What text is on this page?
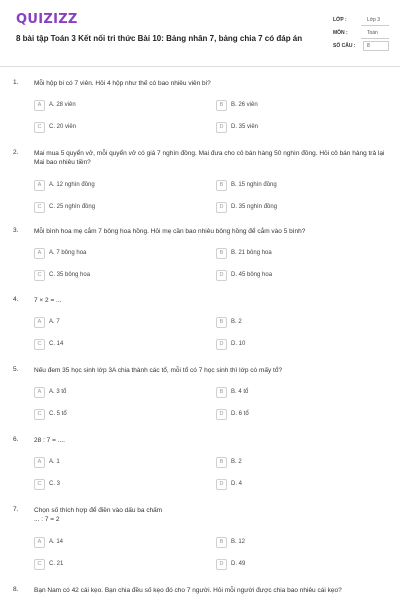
QUIZIZZ
8 bài tập Toán 3 Kết nối tri thức Bài 10: Bảng nhân 7, bảng chia 7 có đáp án
LỚP :	Lớp 3
MÔN :	Toán
SỐ CÂU : 8
1. Mỗi hộp bi có 7 viên. Hỏi 4 hộp như thế có bao nhiêu viên bi?
A	A. 28 viên	B	B. 26 viên
C	C. 20 viên	D	D. 35 viên
2. Mai mua 5 quyển vở, mỗi quyển vở có giá 7 nghìn đồng. Mai đưa cho cô bán hàng 50 nghìn đồng. Hỏi cô bán hàng trả lại Mai bao nhiêu tiền?
A	A. 12 nghìn đồng	B	B. 15 nghìn đồng
C	C. 25 nghìn đồng	D	D. 35 nghìn đồng
3. Mỗi bình hoa mẹ cắm 7 bông hoa hồng. Hỏi mẹ cần bao nhiêu bông hồng để cắm vào 5 bình?
A	A. 7 bông hoa	B	B. 21 bông hoa
C	C. 35 bông hoa	D	D. 45 bông hoa
4. 7 × 2 = ...
A	A. 7	B	B. 2
C	C. 14	D	D. 10
5. Nếu đem 35 học sinh lớp 3A chia thành các tổ, mỗi tổ có 7 học sinh thì lớp có mấy tổ?
A	A. 3 tổ	B	B. 4 tổ
C	C. 5 tổ	D	D. 6 tổ
6. 28 : 7 = ....
A	A. 1	B	B. 2
C	C. 3	D	D. 4
7. Chọn số thích hợp để điền vào dấu ba chấm
... : 7 = 2
A	A. 14	B	B. 12
C	C. 21	D	D. 49
8. Bạn Nam có 42 cái kẹo. Bạn chia đều số kẹo đó cho 7 người. Hỏi mỗi người được chia bao nhiêu cái kẹo?
